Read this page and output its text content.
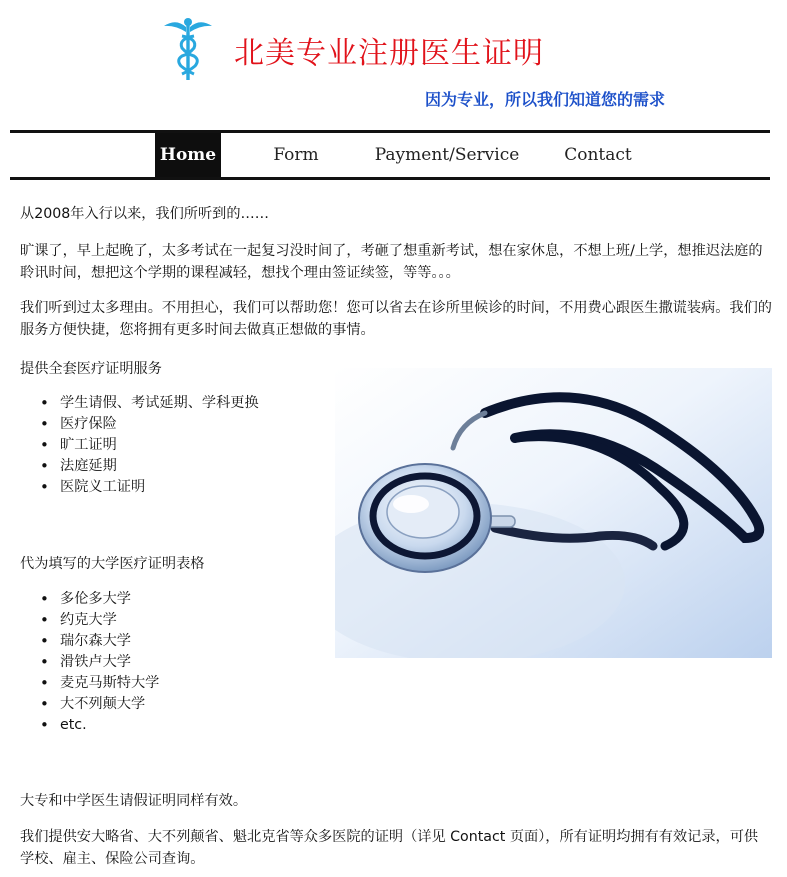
北美专业注册医生证明
因为专业，所以我们知道您的需求
Home	Form	Payment/Service	Contact

从2008年入行以来，我们所听到的……

旷课了，早上起晚了，太多考试在一起复习没时间了，考砸了想重新考试，想在家休息，不想上班/上学，想推迟法庭的聆讯时间，想把这个学期的课程减轻，想找个理由签证续签，等等。。。

我们听到过太多理由。不用担心，我们可以帮助您！您可以省去在诊所里候诊的时间，不用费心跟医生撒谎装病。我们的服务方便快捷，您将拥有更多时间去做真正想做的事情。

提供全套医疗证明服务
• 学生请假、考试延期、学科更换
• 医疗保险
• 旷工证明
• 法庭延期
• 医院义工证明
代为填写的大学医疗证明表格
• 多伦多大学
• 约克大学
• 瑞尔森大学
• 滑铁卢大学
• 麦克马斯特大学
• 大不列颠大学
• etc.

大专和中学医生请假证明同样有效。

我们提供安大略省、大不列颠省、魁北克省等众多医院的证明（详见 Contact 页面），所有证明均拥有有效记录，可供学校、雇主、保险公司查询。
